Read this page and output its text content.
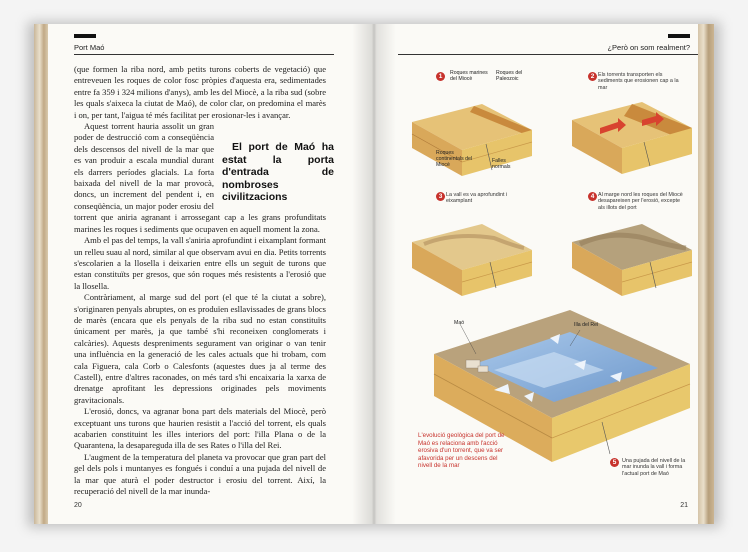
Port Maó

(que formen la riba nord, amb petits turons coberts de vegetació) que entreveuen les roques de color fosc pròpies d'aquesta era, sedimentades entre fa 359 i 324 milions d'anys), amb les del Miocè, a la riba sud (sobre les quals s'aixeca la ciutat de Maó), de color clar, on predomina el marès i on, per tant, l'aigua té més facilitat per erosionar-les i avançar.

El port de Maó ha estat la porta d'entrada de nombroses civilitzacions
Aquest torrent hauria assolit un gran poder de destrucció com a conseqüència dels descensos del nivell de la mar que es van produir a escala mundial durant els darrers períodes glacials. La forta baixada del nivell de la mar provocà, doncs, un increment del pendent i, en conseqüència, un major poder erosiu del torrent que aniria agranant i arrossegant cap a les grans profunditats marines les roques i sediments que ocupaven en aquell moment la zona.

Amb el pas del temps, la vall s'aniria aprofundint i eixamplant formant un relleu suau al nord, similar al que observam avui en dia. Petits torrents s'escolarien a la llosella i deixarien entre ells un seguit de turons que estan constituïts per gresos, que són roques més resistents a l'erosió que la llosella.

Contràriament, al marge sud del port (el que té la ciutat a sobre), s'originaren penyals abruptes, on es produïen esllavissades de grans blocs de marès (encara que els penyals de la riba sud no estan constituïts únicament per marès, ja que també s'hi reconeixen conglomerats i calcàries). Aquests despreniments segurament van originar o van tenir una influència en la generació de les cales actuals que hi trobam, com cala Figuera, cala Corb o Calesfonts (aquestes dues ja al terme des Castell), entre d'altres raconades, on més tard s'hi encaixaria la xarxa de drenatge aprofitant les depressions originades pels moviments gravitacionals.

L'erosió, doncs, va agranar bona part dels materials del Miocè, però exceptuant uns turons que haurien resistit a l'acció del torrent, els quals acabarien constituint les illes interiors del port: l'illa Plana o de la Quarantena, la desapareguda illa de ses Rates o l'illa del Rei.

L'augment de la temperatura del planeta va provocar que gran part del gel dels pols i muntanyes es fongués i conduí a una pujada del nivell de la mar que aturà el poder destructor i erosiu del torrent. Així, la recuperació del nivell de la mar inunda-

20
¿Però on som realment?
1	2
3	4
5
Roques marines del Miocè
Roques del Paleozoic
Roques continentals del Miocè
Falles normals
Els torrents transporten els sediments que erosionen cap a la mar
La vall es va aprofundint i eixamplant
Al marge nord les roques del Miocè desapareixen per l'erosió, excepte als illots del port
Maó	Illa del Rei
L'evolució geològica del port de Maó es relaciona amb l'acció erosiva d'un torrent, que va ser afavorida per un descens del nivell de la mar
Una pujada del nivell de la mar inunda la vall i forma l'actual port de Maó
21
